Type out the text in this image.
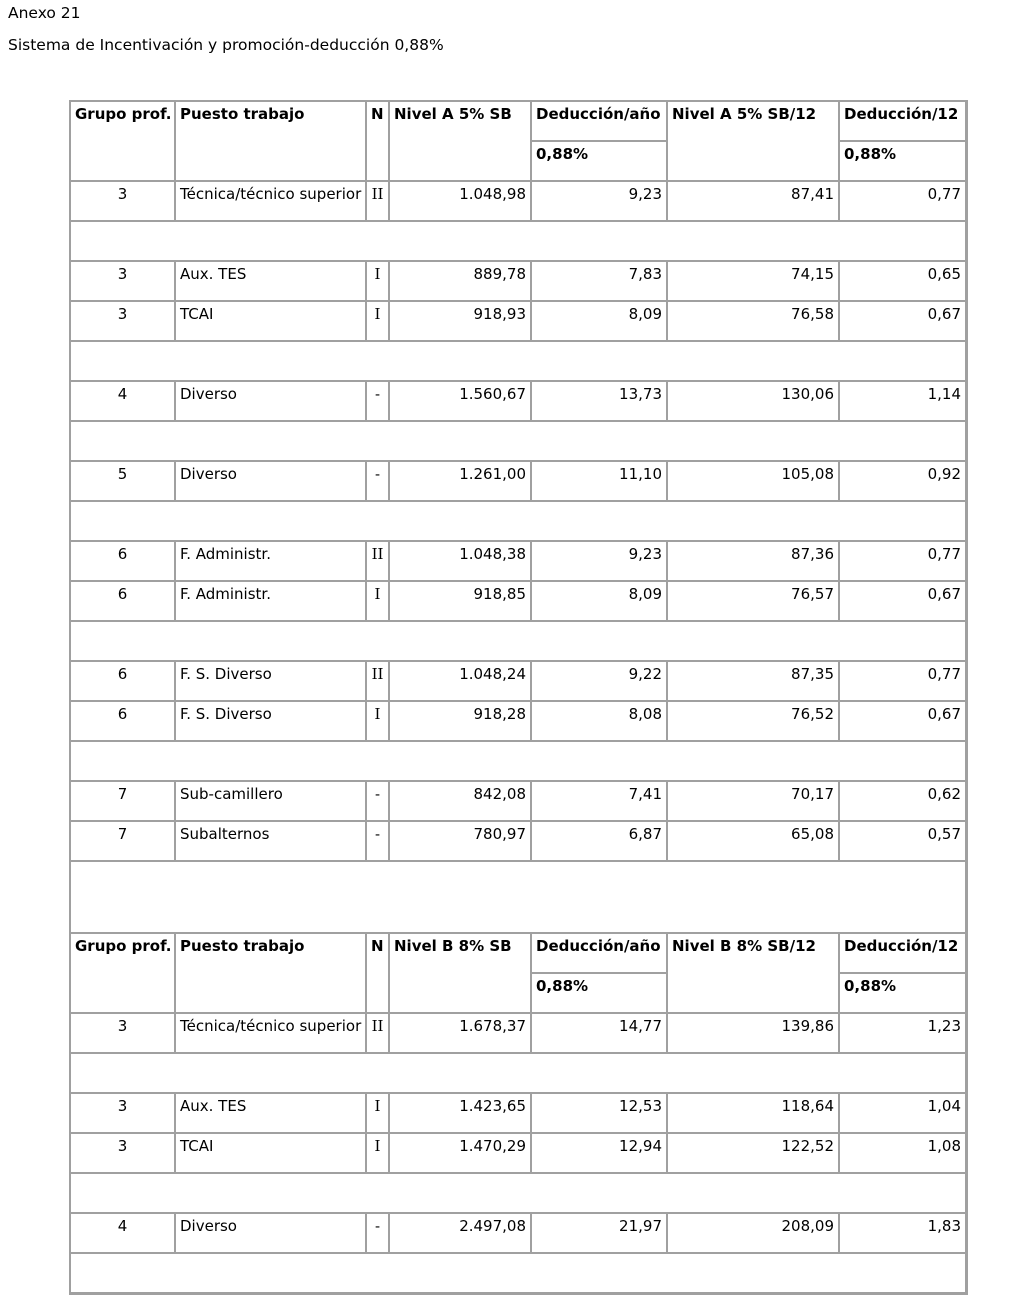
Anexo 21
Sistema de Incentivación y promoción-deducción 0,88%
Grupo prof.	Puesto trabajo	N	Nivel A 5% SB	Deducción/año	Nivel A 5% SB/12	Deducción/12
				0,88%		0,88%
3	Técnica/técnico superior	II	1.048,98	9,23	87,41	0,77

3	Aux. TES	I	889,78	7,83	74,15	0,65
3	TCAI	I	918,93	8,09	76,58	0,67

4	Diverso	-	1.560,67	13,73	130,06	1,14

5	Diverso	-	1.261,00	11,10	105,08	0,92

6	F. Administr.	II	1.048,38	9,23	87,36	0,77
6	F. Administr.	I	918,85	8,09	76,57	0,67

6	F. S. Diverso	II	1.048,24	9,22	87,35	0,77
6	F. S. Diverso	I	918,28	8,08	76,52	0,67

7	Sub-camillero	-	842,08	7,41	70,17	0,62
7	Subalternos	-	780,97	6,87	65,08	0,57

Grupo prof.	Puesto trabajo	N	Nivel B 8% SB	Deducción/año	Nivel B 8% SB/12	Deducción/12
				0,88%		0,88%
3	Técnica/técnico superior	II	1.678,37	14,77	139,86	1,23

3	Aux. TES	I	1.423,65	12,53	118,64	1,04
3	TCAI	I	1.470,29	12,94	122,52	1,08

4	Diverso	-	2.497,08	21,97	208,09	1,83
